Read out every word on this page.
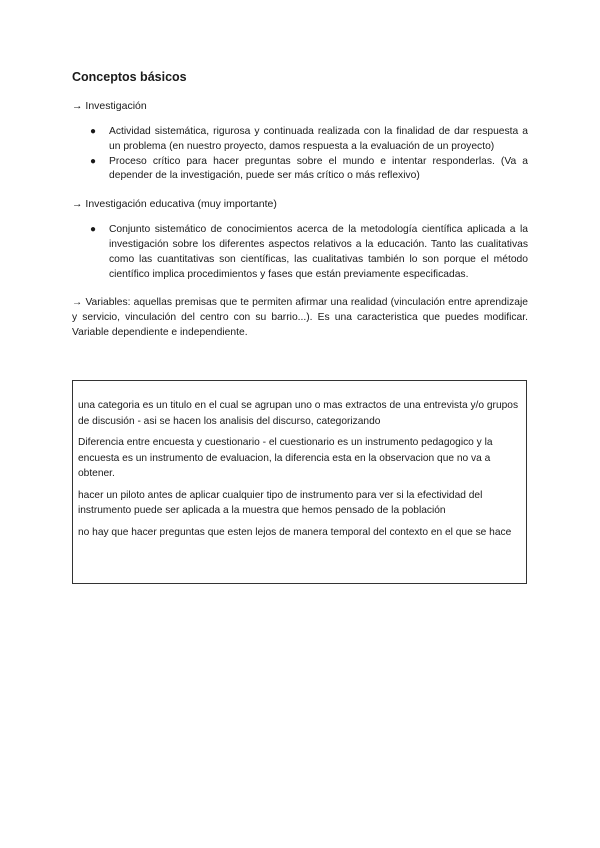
Conceptos básicos
→ Investigación
● Actividad sistemática, rigurosa y continuada realizada con la finalidad de dar respuesta a un problema (en nuestro proyecto, damos respuesta a la evaluación de un proyecto)
● Proceso crítico para hacer preguntas sobre el mundo e intentar responderlas. (Va a depender de la investigación, puede ser más crítico o más reflexivo)
→ Investigación educativa (muy importante)
● Conjunto sistemático de conocimientos acerca de la metodología científica aplicada a la investigación sobre los diferentes aspectos relativos a la educación. Tanto las cualitativas como las cuantitativas son científicas, las cualitativas también lo son porque el método científico implica procedimientos y fases que están previamente especificadas.
→ Variables: aquellas premisas que te permiten afirmar una realidad (vinculación entre aprendizaje y servicio, vinculación del centro con su barrio...). Es una caracteristica que puedes modificar. Variable dependiente e independiente.

una categoria es un titulo en el cual se agrupan uno o mas extractos de una entrevista y/o grupos de discusión - asi se hacen los analisis del discurso, categorizando

Diferencia entre encuesta y cuestionario - el cuestionario es un instrumento pedagogico y la encuesta es un instrumento de evaluacion, la diferencia esta en la observacion que no va a obtener.

hacer un piloto antes de aplicar cualquier tipo de instrumento para ver si la efectividad del instrumento puede ser aplicada a la muestra que hemos pensado de la población

no hay que hacer preguntas que esten lejos de manera temporal del contexto en el que se hace
